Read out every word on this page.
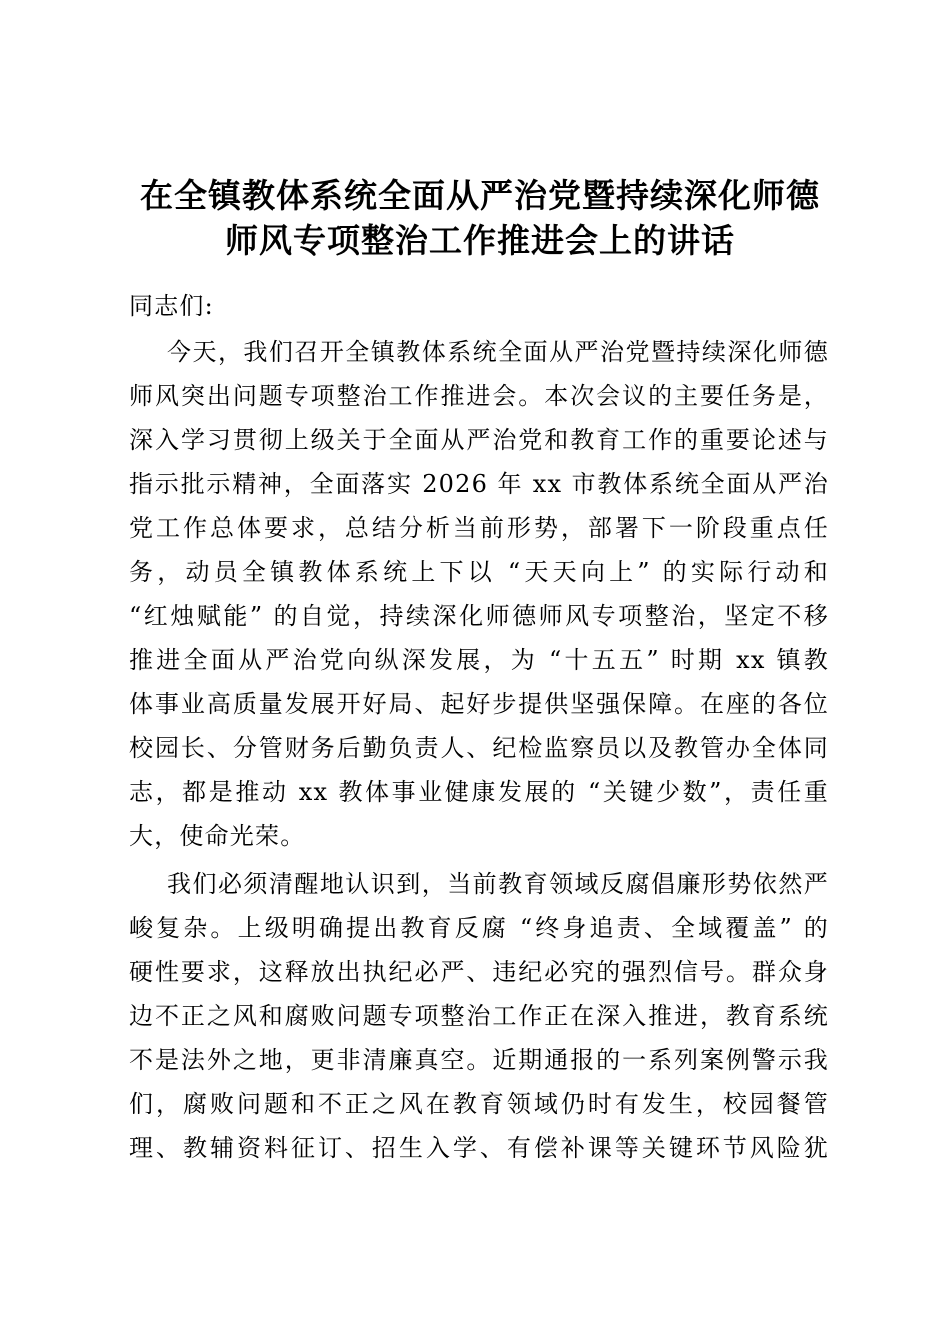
在全镇教体系统全面从严治党暨持续深化师德
师风专项整治工作推进会上的讲话
同志们:
今天，我们召开全镇教体系统全面从严治党暨持续深化师德
师风突出问题专项整治工作推进会。本次会议的主要任务是，
深入学习贯彻上级关于全面从严治党和教育工作的重要论述与
指示批示精神，全面落实 2026 年 xx 市教体系统全面从严治
党工作总体要求，总结分析当前形势，部署下一阶段重点任
务，动员全镇教体系统上下以 “天天向上” 的实际行动和
“红烛赋能” 的自觉，持续深化师德师风专项整治，坚定不移
推进全面从严治党向纵深发展，为 “十五五” 时期 xx 镇教
体事业高质量发展开好局、起好步提供坚强保障。在座的各位
校园长、分管财务后勤负责人、纪检监察员以及教管办全体同
志，都是推动 xx 教体事业健康发展的 “关键少数”，责任重
大，使命光荣。
我们必须清醒地认识到，当前教育领域反腐倡廉形势依然严
峻复杂。上级明确提出教育反腐 “终身追责、全域覆盖” 的
硬性要求，这释放出执纪必严、违纪必究的强烈信号。群众身
边不正之风和腐败问题专项整治工作正在深入推进，教育系统
不是法外之地，更非清廉真空。近期通报的一系列案例警示我
们，腐败问题和不正之风在教育领域仍时有发生，校园餐管
理、教辅资料征订、招生入学、有偿补课等关键环节风险犹
